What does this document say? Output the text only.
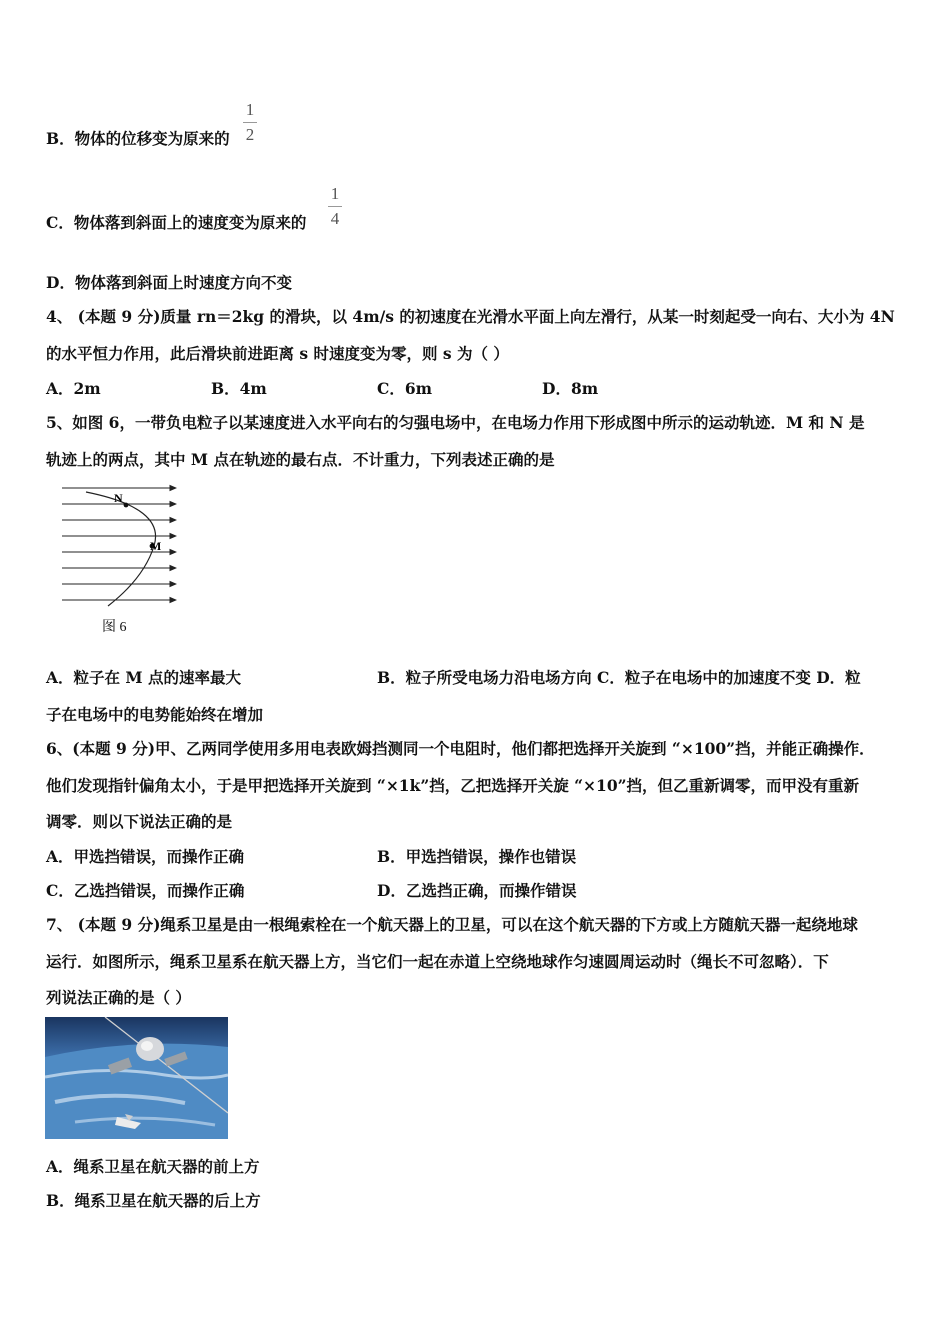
B．物体的位移变为原来的
1
2
C．物体落到斜面上的速度变为原来的
1
4
D．物体落到斜面上时速度方向不变
4、 (本题 9 分)质量 rn＝2kg 的滑块，以 4m/s 的初速度在光滑水平面上向左滑行，从某一时刻起受一向右、大小为 4N
的水平恒力作用，此后滑块前进距离 s 时速度变为零，则 s 为（ ）
A．2m	B．4m	C．6m	D．8m
5、如图 6，一带负电粒子以某速度进入水平向右的匀强电场中，在电场力作用下形成图中所示的运动轨迹．M 和 N 是
轨迹上的两点，其中 M 点在轨迹的最右点．不计重力，下列表述正确的是
N
M
图 6
A．粒子在 M 点的速率最大	B．粒子所受电场力沿电场方向 C．粒子在电场中的加速度不变 D．粒
子在电场中的电势能始终在增加
6、(本题 9 分)甲、乙两同学使用多用电表欧姆挡测同一个电阻时，他们都把选择开关旋到 “×100”挡，并能正确操作．
他们发现指针偏角太小，于是甲把选择开关旋到 “×1k”挡，乙把选择开关旋 “×10”挡，但乙重新调零，而甲没有重新
调零．则以下说法正确的是
A．甲选挡错误，而操作正确	B．甲选挡错误，操作也错误
C．乙选挡错误，而操作正确	D．乙选挡正确，而操作错误
7、 (本题 9 分)绳系卫星是由一根绳索栓在一个航天器上的卫星，可以在这个航天器的下方或上方随航天器一起绕地球
运行．如图所示，绳系卫星系在航天器上方，当它们一起在赤道上空绕地球作匀速圆周运动时（绳长不可忽略）．下
列说法正确的是（ ）
A．绳系卫星在航天器的前上方
B．绳系卫星在航天器的后上方
